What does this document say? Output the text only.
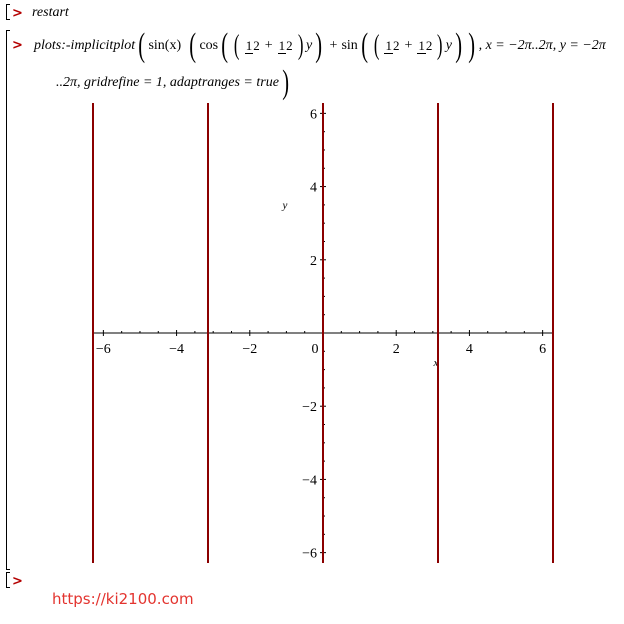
> restart
> plots:-implicitplot ( sin(x) ( cos ( ( 12 + 12 ) y ) + sin ( ( 12 + 12 ) y ) ) , x = −2π..2π, y = −2π
..2π, gridrefine = 1, adaptranges = true )
−6	−4	−2	0	2	4	6
−6
−4
−2
2
4
6
x
y
>
https://ki2100.com
